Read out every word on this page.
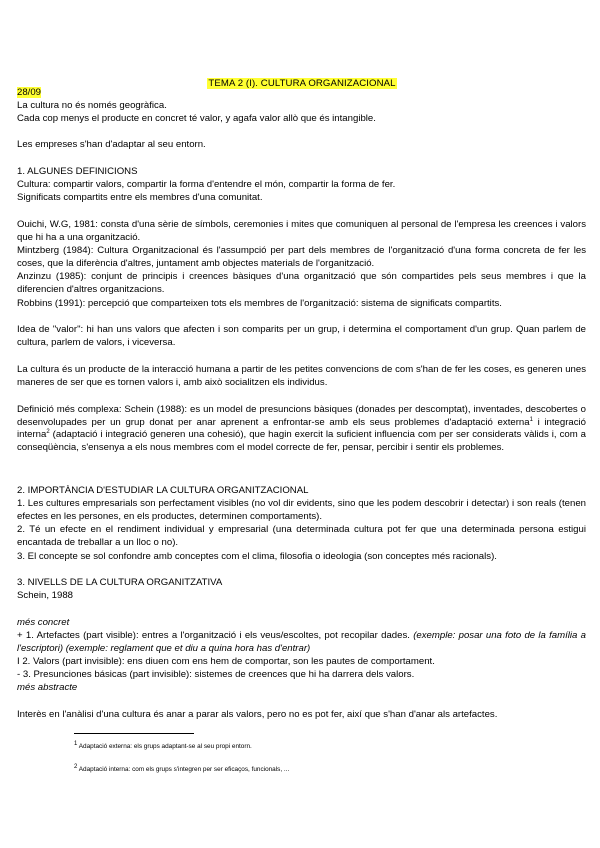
TEMA 2 (I). CULTURA ORGANIZACIONAL
28/09
La cultura no és només geogràfica.
Cada cop menys el producte en concret té valor, y agafa valor allò que és intangible.
Les empreses s'han d'adaptar al seu entorn.
1. ALGUNES DEFINICIONS
Cultura: compartir valors, compartir la forma d'entendre el món, compartir la forma de fer.
Significats compartits entre els membres d'una comunitat.
Ouichi, W.G, 1981: consta d'una sèrie de símbols, ceremonies i mites que comuniquen al personal de l'empresa les creences i valors que hi ha a una organització.
Mintzberg (1984): Cultura Organitzacional és l'assumpció per part dels membres de l'organització d'una forma concreta de fer les coses, que la diferència d'altres, juntament amb objectes materials de l'organització.
Anzinzu (1985): conjunt de principis i creences bàsiques d'una organització que són compartides pels seus membres i que la diferencien d'altres organitzacions.
Robbins (1991): percepció que comparteixen tots els membres de l'organització: sistema de significats compartits.
Idea de "valor": hi han uns valors que afecten i son comparits per un grup, i determina el comportament d'un grup. Quan parlem de cultura, parlem de valors, i viceversa.
La cultura és un producte de la interacció humana a partir de les petites convencions de com s'han de fer les coses, es generen unes maneres de ser que es tornen valors i, amb això socialitzen els individus.
Definició més complexa: Schein (1988): es un model de presuncions bàsiques (donades per descomptat), inventades, descobertes o desenvolupades per un grup donat per anar aprenent a enfrontar-se amb els seus problemes d'adaptació externa$^1$ i integració interna$^2$ (adaptació i integració generen una cohesió), que hagin exercit la suficient influencia com per ser considerats vàlids i, com a conseqüència, s'ensenya a els nous membres com el model correcte de fer, pensar, percibir i sentir els problemes.
2. IMPORTÀNCIA D'ESTUDIAR LA CULTURA ORGANITZACIONAL
1. Les cultures empresarials son perfectament visibles (no vol dir evidents, sino que les podem descobrir i detectar) i son reals (tenen efectes en les persones, en els productes, determinen comportaments).
2. Té un efecte en el rendiment individual y empresarial (una determinada cultura pot fer que una determinada persona estigui encantada de treballar a un lloc o no).
3. El concepte se sol confondre amb conceptes com el clima, filosofia o ideologia (son conceptes més racionals).
3. NIVELLS DE LA CULTURA ORGANITZATIVA
Schein, 1988
més concret
+ 1. Artefactes (part visible): entres a l'organització i els veus/escoltes, pot recopilar dades. (exemple: posar una foto de la família a l'escriptori) (exemple: reglament que et diu a quina hora has d'entrar)
I 2. Valors (part invisible): ens diuen com ens hem de comportar, son les pautes de comportament.
- 3. Presunciones básicas (part invisible): sistemes de creences que hi ha darrera dels valors.
més abstracte
Interès en l'anàlisi d'una cultura és anar a parar als valors, pero no es pot fer, així que s'han d'anar als artefactes.
$^1$ Adaptació externa: els grups adaptant-se al seu propi entorn.
$^2$ Adaptació interna: com els grups s'integren per ser eficaços, funcionals, ...
